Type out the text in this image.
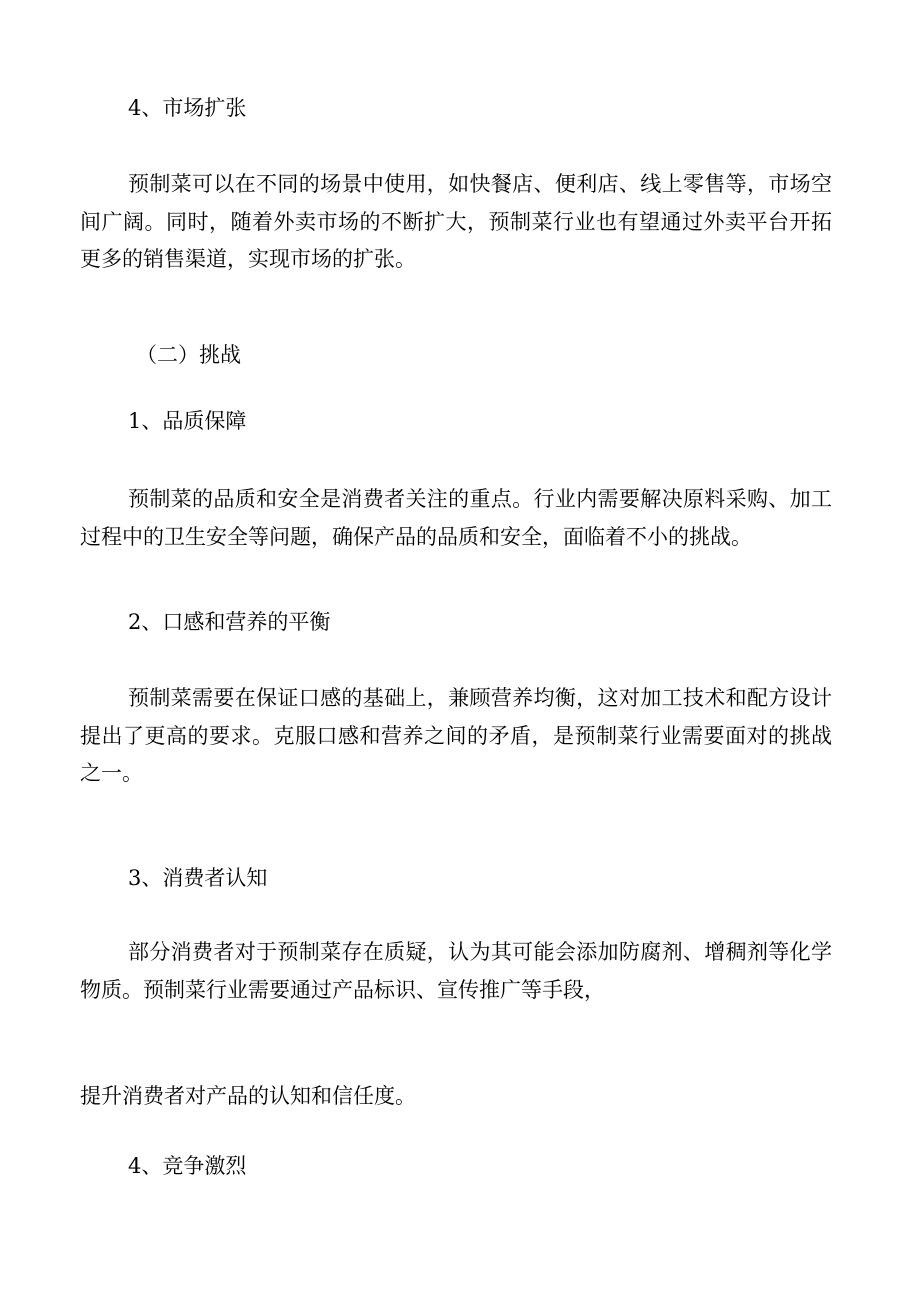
4、市场扩张
预制菜可以在不同的场景中使用，如快餐店、便利店、线上零售等，市场空间广阔。同时，随着外卖市场的不断扩大，预制菜行业也有望通过外卖平台开拓更多的销售渠道，实现市场的扩张。
（二）挑战
1、品质保障
预制菜的品质和安全是消费者关注的重点。行业内需要解决原料采购、加工过程中的卫生安全等问题，确保产品的品质和安全，面临着不小的挑战。
2、口感和营养的平衡
预制菜需要在保证口感的基础上，兼顾营养均衡，这对加工技术和配方设计提出了更高的要求。克服口感和营养之间的矛盾，是预制菜行业需要面对的挑战之一。
3、消费者认知
部分消费者对于预制菜存在质疑，认为其可能会添加防腐剂、增稠剂等化学物质。预制菜行业需要通过产品标识、宣传推广等手段，
提升消费者对产品的认知和信任度。
4、竞争激烈
